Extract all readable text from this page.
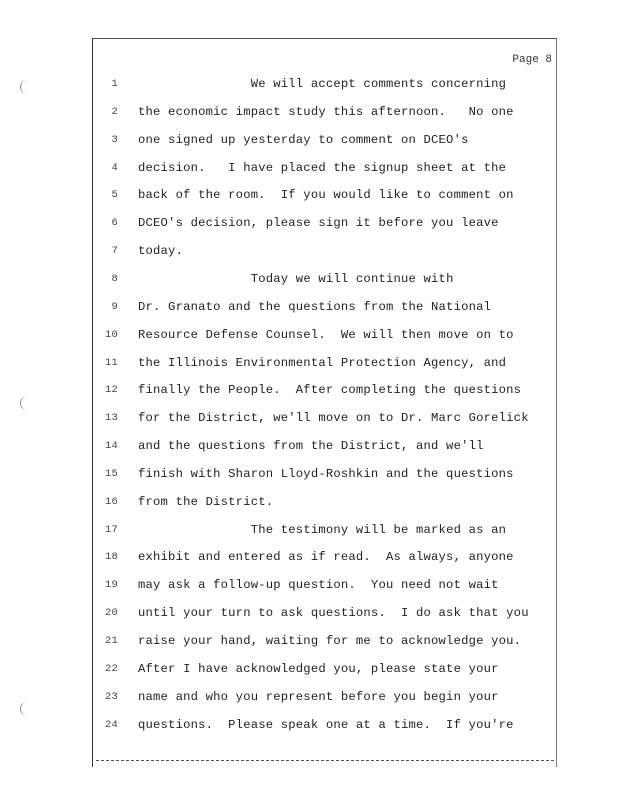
Page 8
1	We will accept comments concerning
2 the economic impact study this afternoon.   No one
3 one signed up yesterday to comment on DCEO's
4 decision.   I have placed the signup sheet at the
5 back of the room.  If you would like to comment on
6 DCEO's decision, please sign it before you leave
7 today.
8	Today we will continue with
9 Dr. Granato and the questions from the National
10 Resource Defense Counsel.  We will then move on to
11 the Illinois Environmental Protection Agency, and
12 finally the People.  After completing the questions
13 for the District, we'll move on to Dr. Marc Gorelick
14 and the questions from the District, and we'll
15 finish with Sharon Lloyd-Roshkin and the questions
16 from the District.
17	The testimony will be marked as an
18 exhibit and entered as if read.  As always, anyone
19 may ask a follow-up question.  You need not wait
20 until your turn to ask questions.  I do ask that you
21 raise your hand, waiting for me to acknowledge you.
22 After I have acknowledged you, please state your
23 name and who you represent before you begin your
24 questions.  Please speak one at a time.  If you're
